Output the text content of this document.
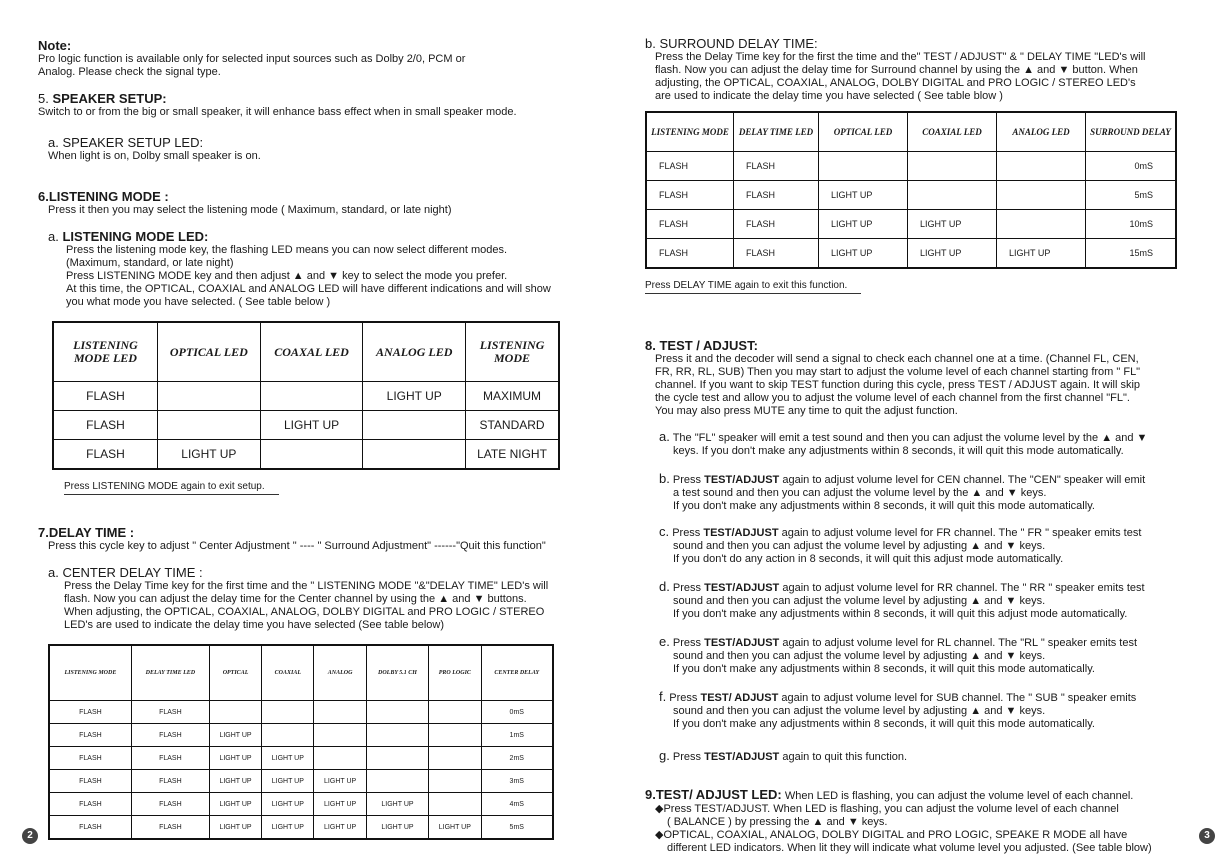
Note:

Pro logic function is available only for selected input sources such as Dolby 2/0, PCM or

Analog. Please check the signal type.

5. SPEAKER SETUP:

Switch to or from the big or small speaker, it will enhance bass effect when in small speaker mode.

a. SPEAKER SETUP LED:

When light is on, Dolby small speaker is on.

6.LISTENING MODE :

Press it then you may select the listening mode ( Maximum, standard, or late night)

a. LISTENING MODE LED:

Press the listening mode key, the flashing LED means you can now select different modes.

(Maximum, standard, or late night)

Press LISTENING MODE key and then adjust ▲ and ▼ key to select the mode you prefer.

At this time, the OPTICAL, COAXIAL and ANALOG LED will have different indications and will show

you what mode you have selected. ( See table below )

LISTENING MODE LED	OPTICAL LED	COAXAL LED	ANALOG LED	LISTENING MODE
FLASH			LIGHT UP	MAXIMUM
FLASH		LIGHT UP		STANDARD
FLASH	LIGHT UP			LATE NIGHT

Press LISTENING MODE again to exit setup.

7.DELAY TIME :

Press this cycle key to adjust " Center Adjustment " ---- " Surround Adjustment" ------"Quit this function"

a. CENTER DELAY TIME :

Press the Delay Time key for the first time and the " LISTENING MODE "&"DELAY TIME" LED's will

flash. Now you can adjust the delay time for the Center channel by using the ▲ and ▼ buttons.

When adjusting, the OPTICAL, COAXIAL, ANALOG, DOLBY DIGITAL and PRO LOGIC / STEREO

LED's are used to indicate the delay time you have selected (See table below)

LISTENING MODE	DELAY TIME LED	OPTICAL	COAXIAL	ANALOG	DOLBY 5.1 CH	PRO LOGIC	CENTER DELAY
FLASH	FLASH						0mS
FLASH	FLASH	LIGHT UP					1mS
FLASH	FLASH	LIGHT UP	LIGHT UP				2mS
FLASH	FLASH	LIGHT UP	LIGHT UP	LIGHT UP			3mS
FLASH	FLASH	LIGHT UP	LIGHT UP	LIGHT UP	LIGHT UP		4mS
FLASH	FLASH	LIGHT UP	LIGHT UP	LIGHT UP	LIGHT UP	LIGHT UP	5mS
2

b. SURROUND DELAY TIME:

Press the Delay Time key for the first the time and the" TEST / ADJUST" & " DELAY TIME "LED's will

flash. Now you can adjust the delay time for Surround channel by using the ▲ and ▼ button. When

adjusting, the OPTICAL, COAXIAL, ANALOG, DOLBY DIGITAL and PRO LOGIC / STEREO LED's

are used to indicate the delay time you have selected ( See table blow )

LISTENING MODE	DELAY TIME LED	OPTICAL LED	COAXIAL LED	ANALOG LED	SURROUND DELAY
FLASH	FLASH				0mS
FLASH	FLASH	LIGHT UP			5mS
FLASH	FLASH	LIGHT UP	LIGHT UP		10mS
FLASH	FLASH	LIGHT UP	LIGHT UP	LIGHT UP	15mS

Press DELAY TIME again to exit this function.

8. TEST / ADJUST:

Press it and the decoder will send a signal to check each channel one at a time. (Channel FL, CEN,

FR, RR, RL, SUB) Then you may start to adjust the volume level of each channel starting from " FL"

channel. If you want to skip TEST function during this cycle, press TEST / ADJUST again. It will skip

the cycle test and allow you to adjust the volume level of each channel from the first channel "FL".

You may also press MUTE any time to quit the adjust function.

a. The "FL" speaker will emit a test sound and then you can adjust the volume level by the ▲ and ▼

keys. If you don't make any adjustments within 8 seconds, it will quit this mode automatically.

b. Press TEST/ADJUST again to adjust volume level for CEN channel. The "CEN" speaker will emit

a test sound and then you can adjust the volume level by the ▲ and ▼ keys.

If you don't make any adjustments within 8 seconds, it will quit this mode automatically.

c. Press TEST/ADJUST again to adjust volume level for FR channel. The " FR " speaker emits test

sound and then you can adjust the volume level by adjusting ▲ and ▼ keys.

If you don't do any action in 8 seconds, it will quit this adjust mode automatically.

d. Press TEST/ADJUST again to adjust volume level for RR channel. The " RR " speaker emits test

sound and then you can adjust the volume level by adjusting ▲ and ▼ keys.

If you don't make any adjustments within 8 seconds, it will quit this adjust mode automatically.

e. Press TEST/ADJUST again to adjust volume level for RL channel. The "RL " speaker emits test

sound and then you can adjust the volume level by adjusting ▲ and ▼ keys.

If you don't make any adjustments within 8 seconds, it will quit this mode automatically.

f. Press TEST/ ADJUST again to adjust volume level for SUB channel. The " SUB " speaker emits

sound and then you can adjust the volume level by adjusting ▲ and ▼ keys.

If you don't make any adjustments within 8 seconds, it will quit this mode automatically.

g. Press TEST/ADJUST again to quit this function.

9.TEST/ ADJUST LED: When LED is flashing, you can adjust the volume level of each channel.

◆Press TEST/ADJUST. When LED is flashing, you can adjust the volume level of each channel

( BALANCE ) by pressing the ▲ and ▼ keys.

◆OPTICAL, COAXIAL, ANALOG, DOLBY DIGITAL and PRO LOGIC, SPEAKE R MODE all have

different LED indicators. When lit they will indicate what volume level you adjusted. (See table blow)

3
